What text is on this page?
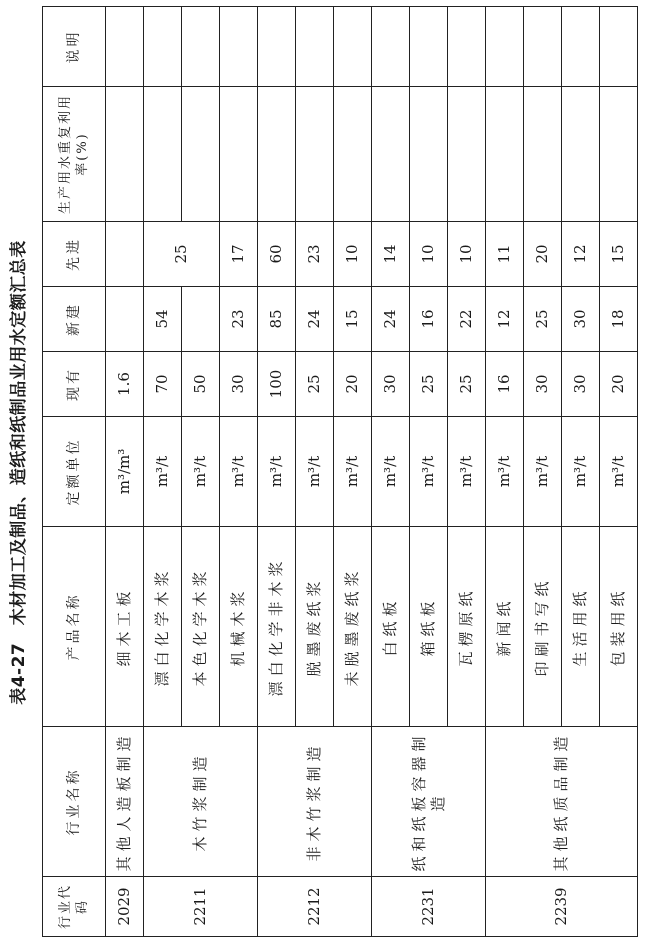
表4-27　木材加工及制品、造纸和纸制品业用水定额汇总表
行业代码	行业名称	产品名称	定额单位	现有	新建	先进	生产用水重复利用率(%)	说明
2029	其他人造板制造	细木工板	m³/m³	1.6				
2211	木竹浆制造	漂白化学木浆	m³/t	70	54	25		
		本色化学木浆	m³/t	50				
		机械木浆	m³/t	30	23	17		
2212	非木竹浆制造	漂白化学非木浆	m³/t	100	85	60		
		脱墨废纸浆	m³/t	25	24	23		
		未脱墨废纸浆	m³/t	20	15	10		
2231	纸和纸板容器制造	白纸板	m³/t	30	24	14		
		箱纸板	m³/t	25	16	10		
		瓦楞原纸	m³/t	25	22	10		
2239	其他纸质品制造	新闻纸	m³/t	16	12	11		
		印刷书写纸	m³/t	30	25	20		
		生活用纸	m³/t	30	30	12		
		包装用纸	m³/t	20	18	15		
